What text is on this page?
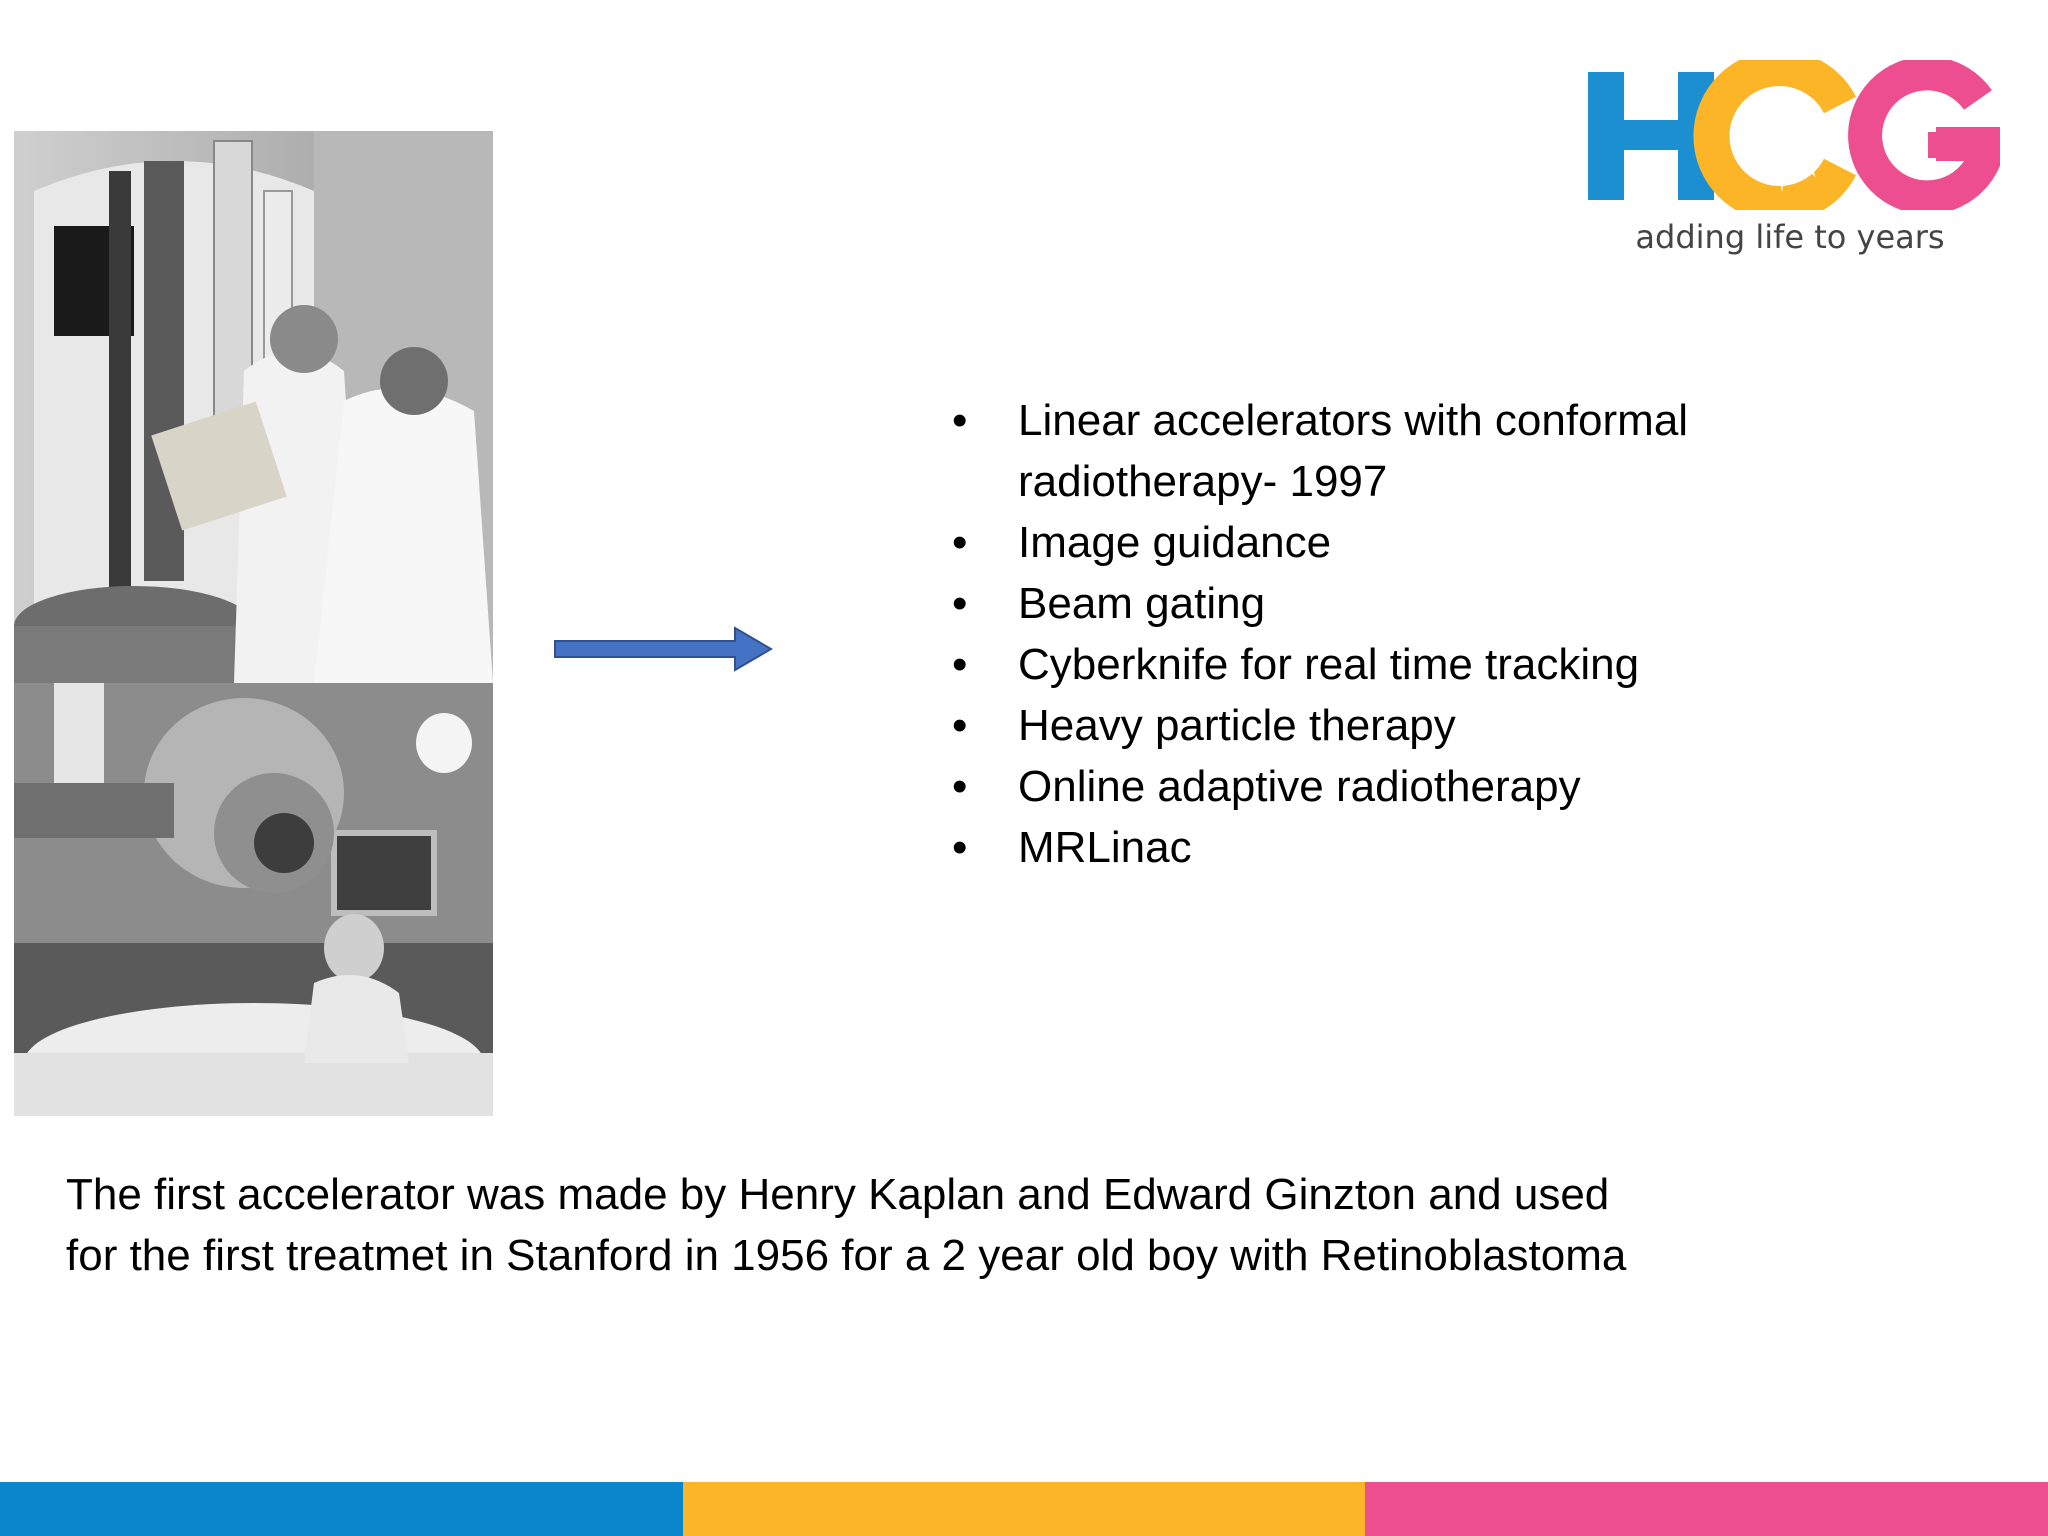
adding life to years
• Linear accelerators with conformal radiotherapy- 1997
• Image guidance
• Beam gating
• Cyberknife for real time tracking
• Heavy particle therapy
• Online adaptive radiotherapy
• MRLinac

The first accelerator was made by Henry Kaplan and Edward Ginzton and used for the first treatmet in Stanford in 1956 for a 2 year old boy with Retinoblastoma
